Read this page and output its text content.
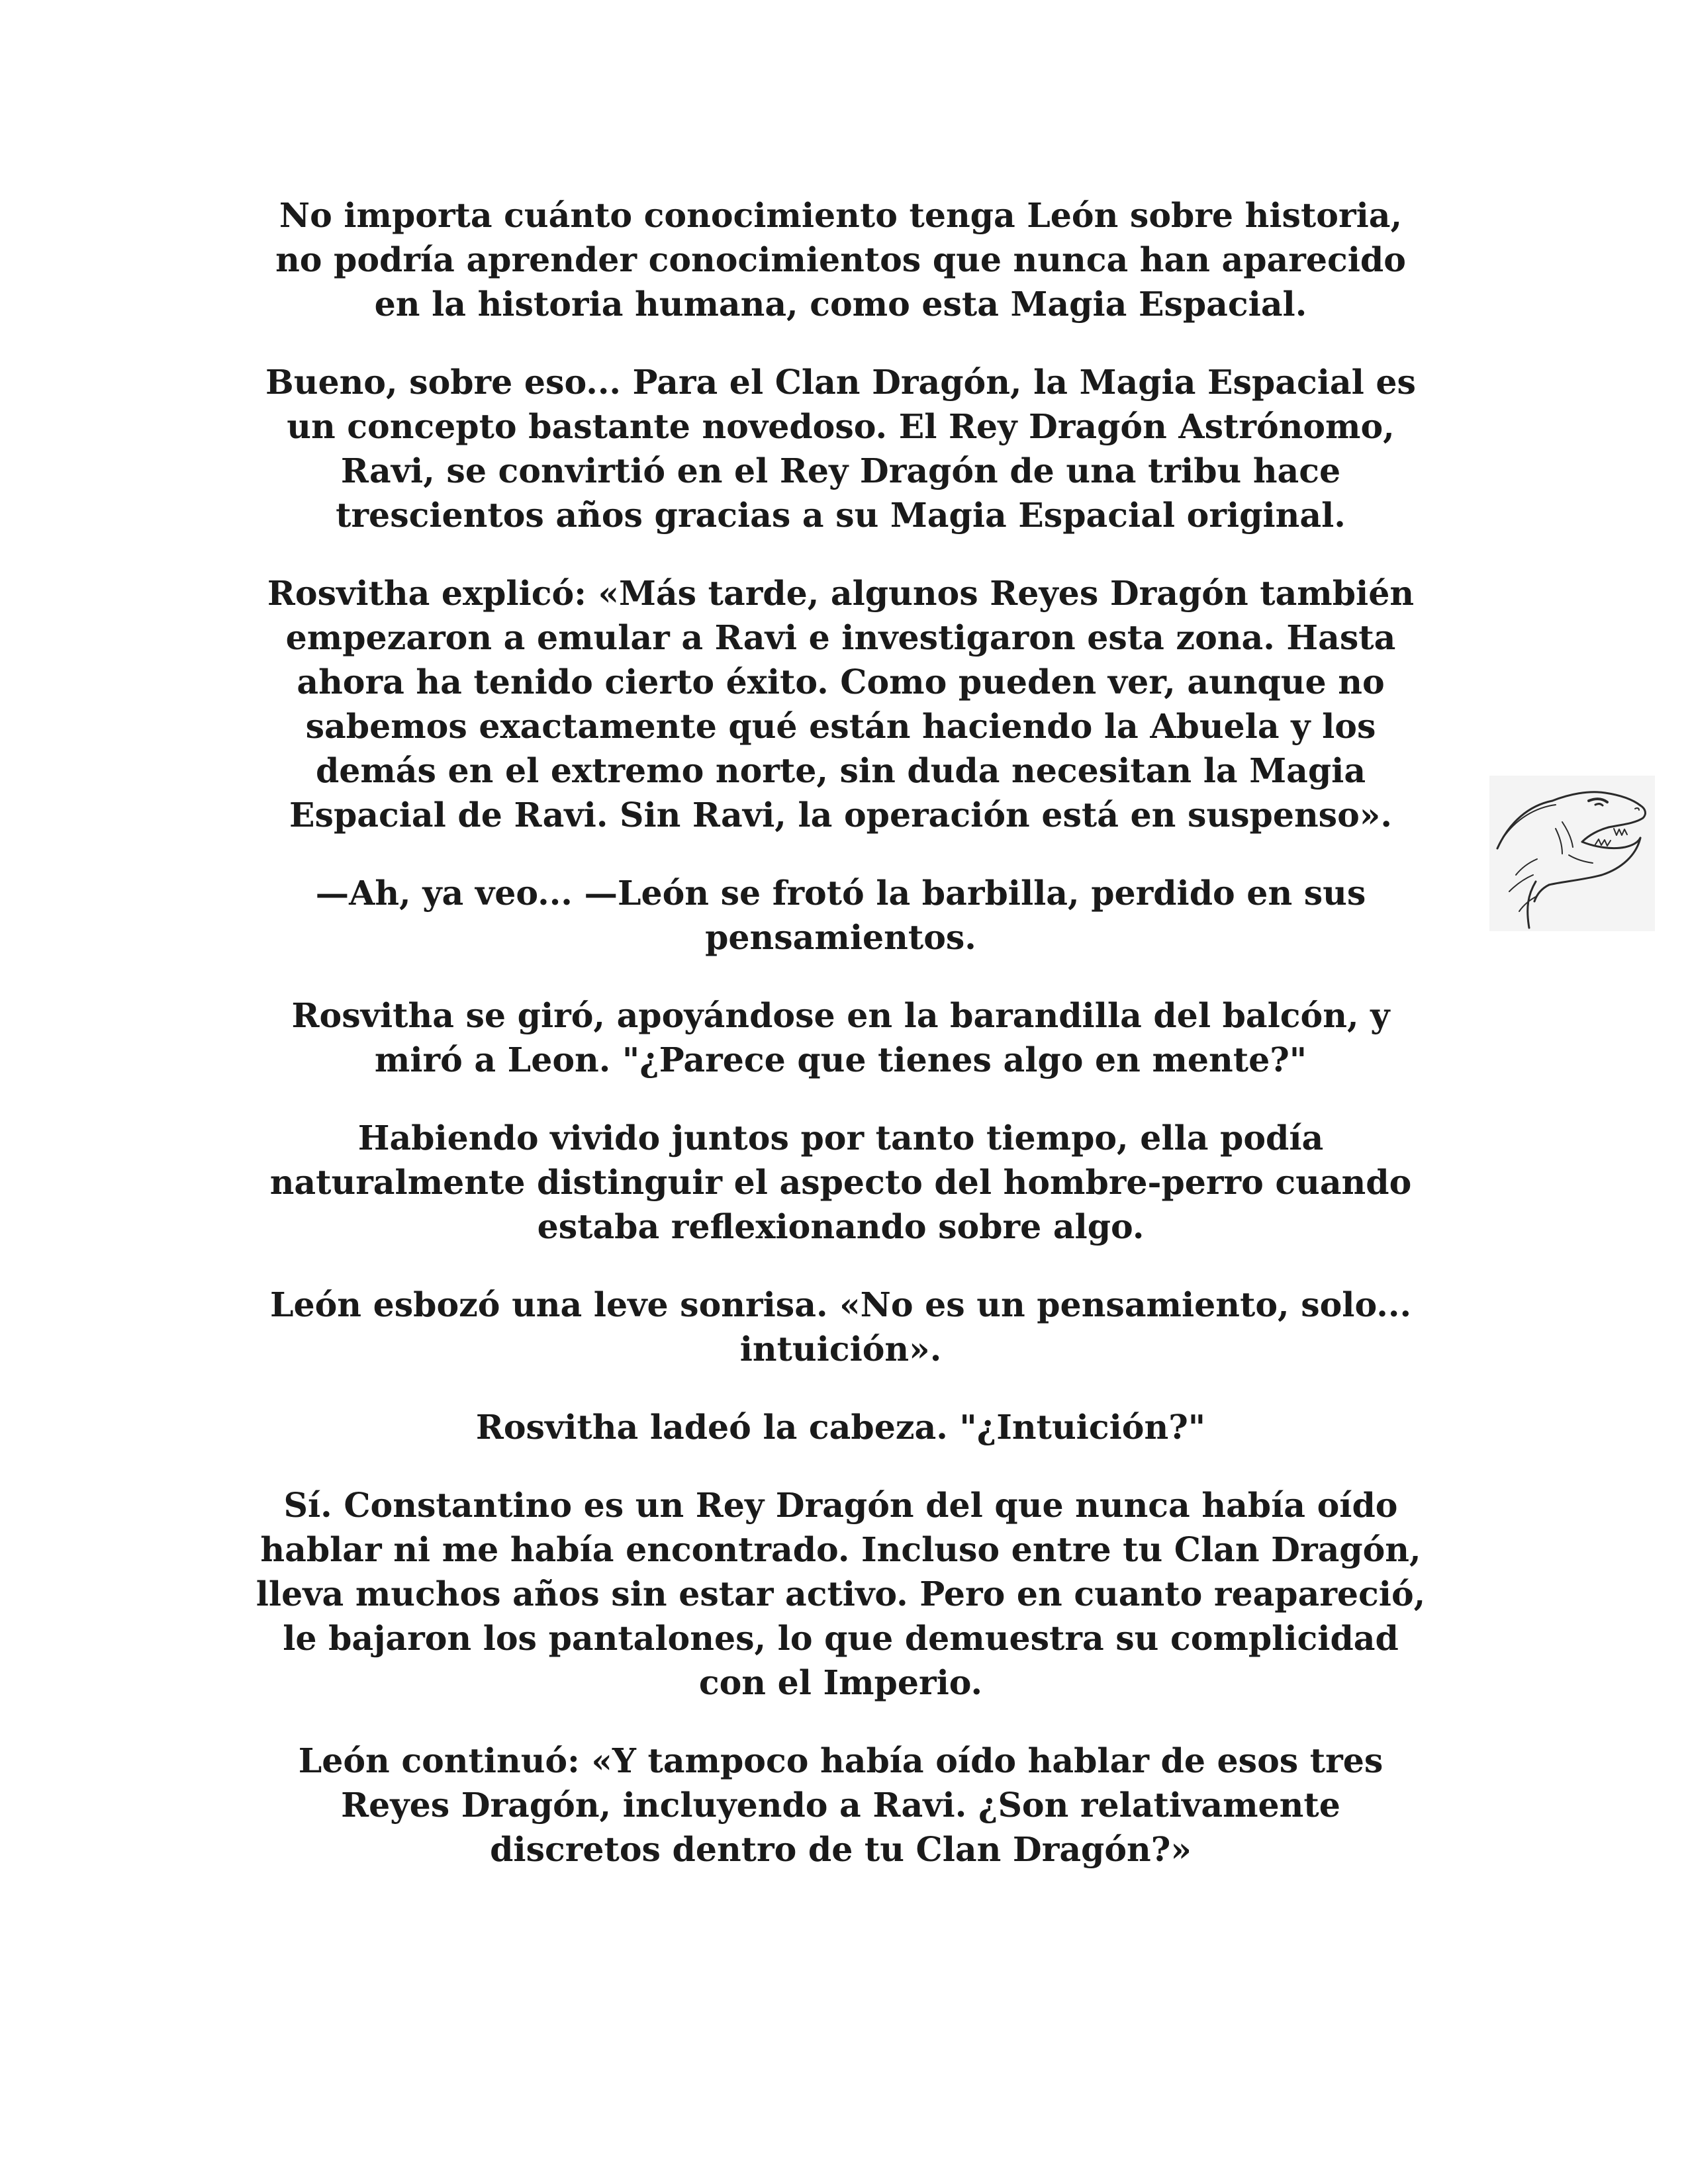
No importa cuánto conocimiento tenga León sobre historia,
no podría aprender conocimientos que nunca han aparecido
en la historia humana, como esta Magia Espacial.

Bueno, sobre eso... Para el Clan Dragón, la Magia Espacial es
un concepto bastante novedoso. El Rey Dragón Astrónomo,
Ravi, se convirtió en el Rey Dragón de una tribu hace
trescientos años gracias a su Magia Espacial original.

Rosvitha explicó: «Más tarde, algunos Reyes Dragón también
empezaron a emular a Ravi e investigaron esta zona. Hasta
ahora ha tenido cierto éxito. Como pueden ver, aunque no
sabemos exactamente qué están haciendo la Abuela y los
demás en el extremo norte, sin duda necesitan la Magia
Espacial de Ravi. Sin Ravi, la operación está en suspenso».

—Ah, ya veo... —León se frotó la barbilla, perdido en sus
pensamientos.

Rosvitha se giró, apoyándose en la barandilla del balcón, y
miró a Leon. "¿Parece que tienes algo en mente?"

Habiendo vivido juntos por tanto tiempo, ella podía
naturalmente distinguir el aspecto del hombre-perro cuando
estaba reflexionando sobre algo.

León esbozó una leve sonrisa. «No es un pensamiento, solo...
intuición».

Rosvitha ladeó la cabeza. "¿Intuición?"

Sí. Constantino es un Rey Dragón del que nunca había oído
hablar ni me había encontrado. Incluso entre tu Clan Dragón,
lleva muchos años sin estar activo. Pero en cuanto reapareció,
le bajaron los pantalones, lo que demuestra su complicidad
con el Imperio.

León continuó: «Y tampoco había oído hablar de esos tres
Reyes Dragón, incluyendo a Ravi. ¿Son relativamente
discretos dentro de tu Clan Dragón?»
